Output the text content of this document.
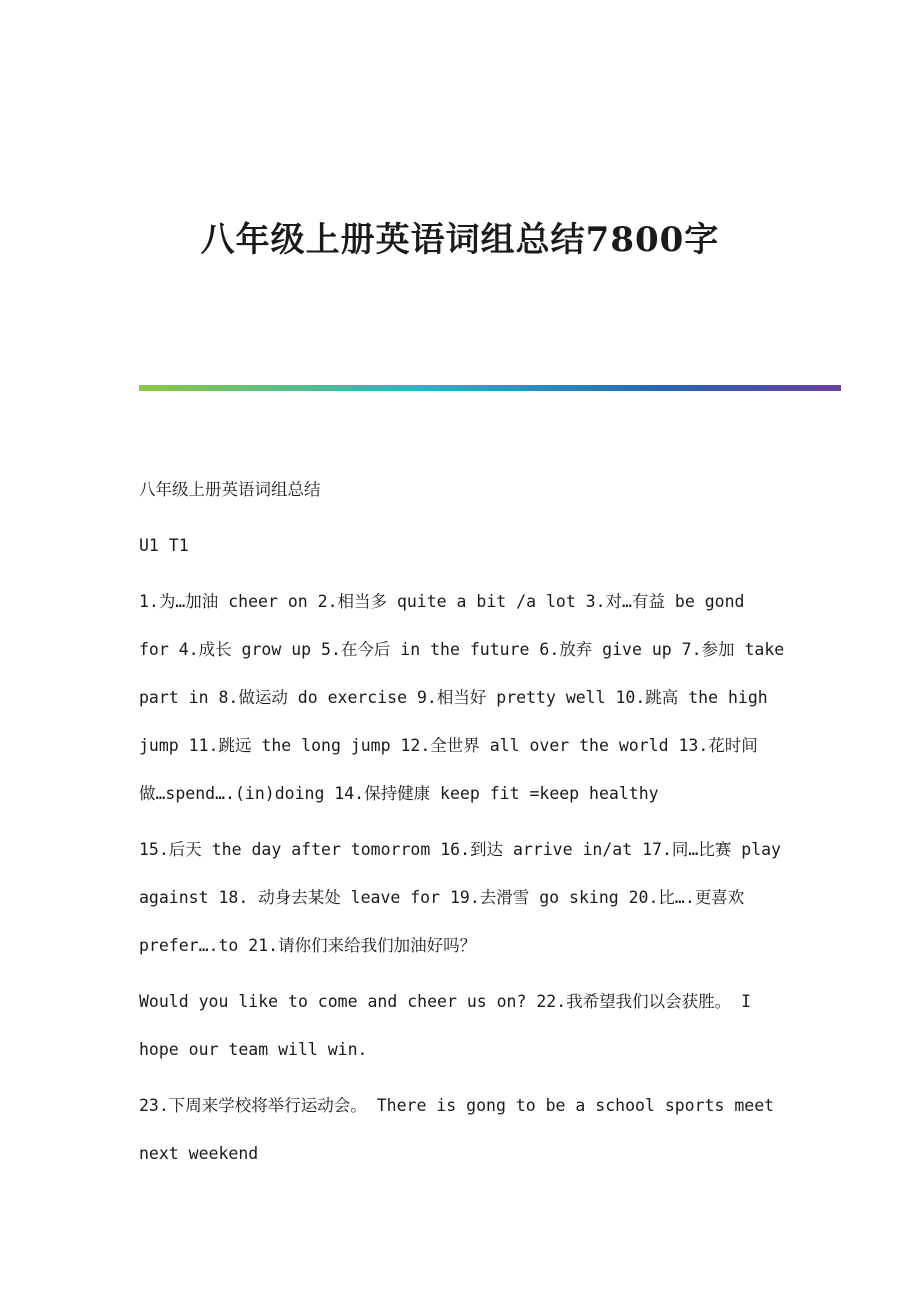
八年级上册英语词组总结7800字

八年级上册英语词组总结

U1 T1

1.为…加油 cheer on 2.相当多 quite a bit /a lot 3.对…有益 be gond
for 4.成长 grow up 5.在今后 in the future 6.放弃 give up 7.参加 take
part in 8.做运动 do exercise 9.相当好 pretty well 10.跳高 the high
jump 11.跳远 the long jump 12.全世界 all over the world 13.花时间
做…spend….(in)doing 14.保持健康 keep fit =keep healthy

15.后天 the day after tomorrom 16.到达 arrive in/at 17.同…比赛 play
against 18. 动身去某处 leave for 19.去滑雪 go sking 20.比….更喜欢
prefer….to 21.请你们来给我们加油好吗？

Would you like to come and cheer us on? 22.我希望我们以会获胜。 I
hope our team will win.

23.下周来学校将举行运动会。 There is gong to be a school sports meet
next weekend
